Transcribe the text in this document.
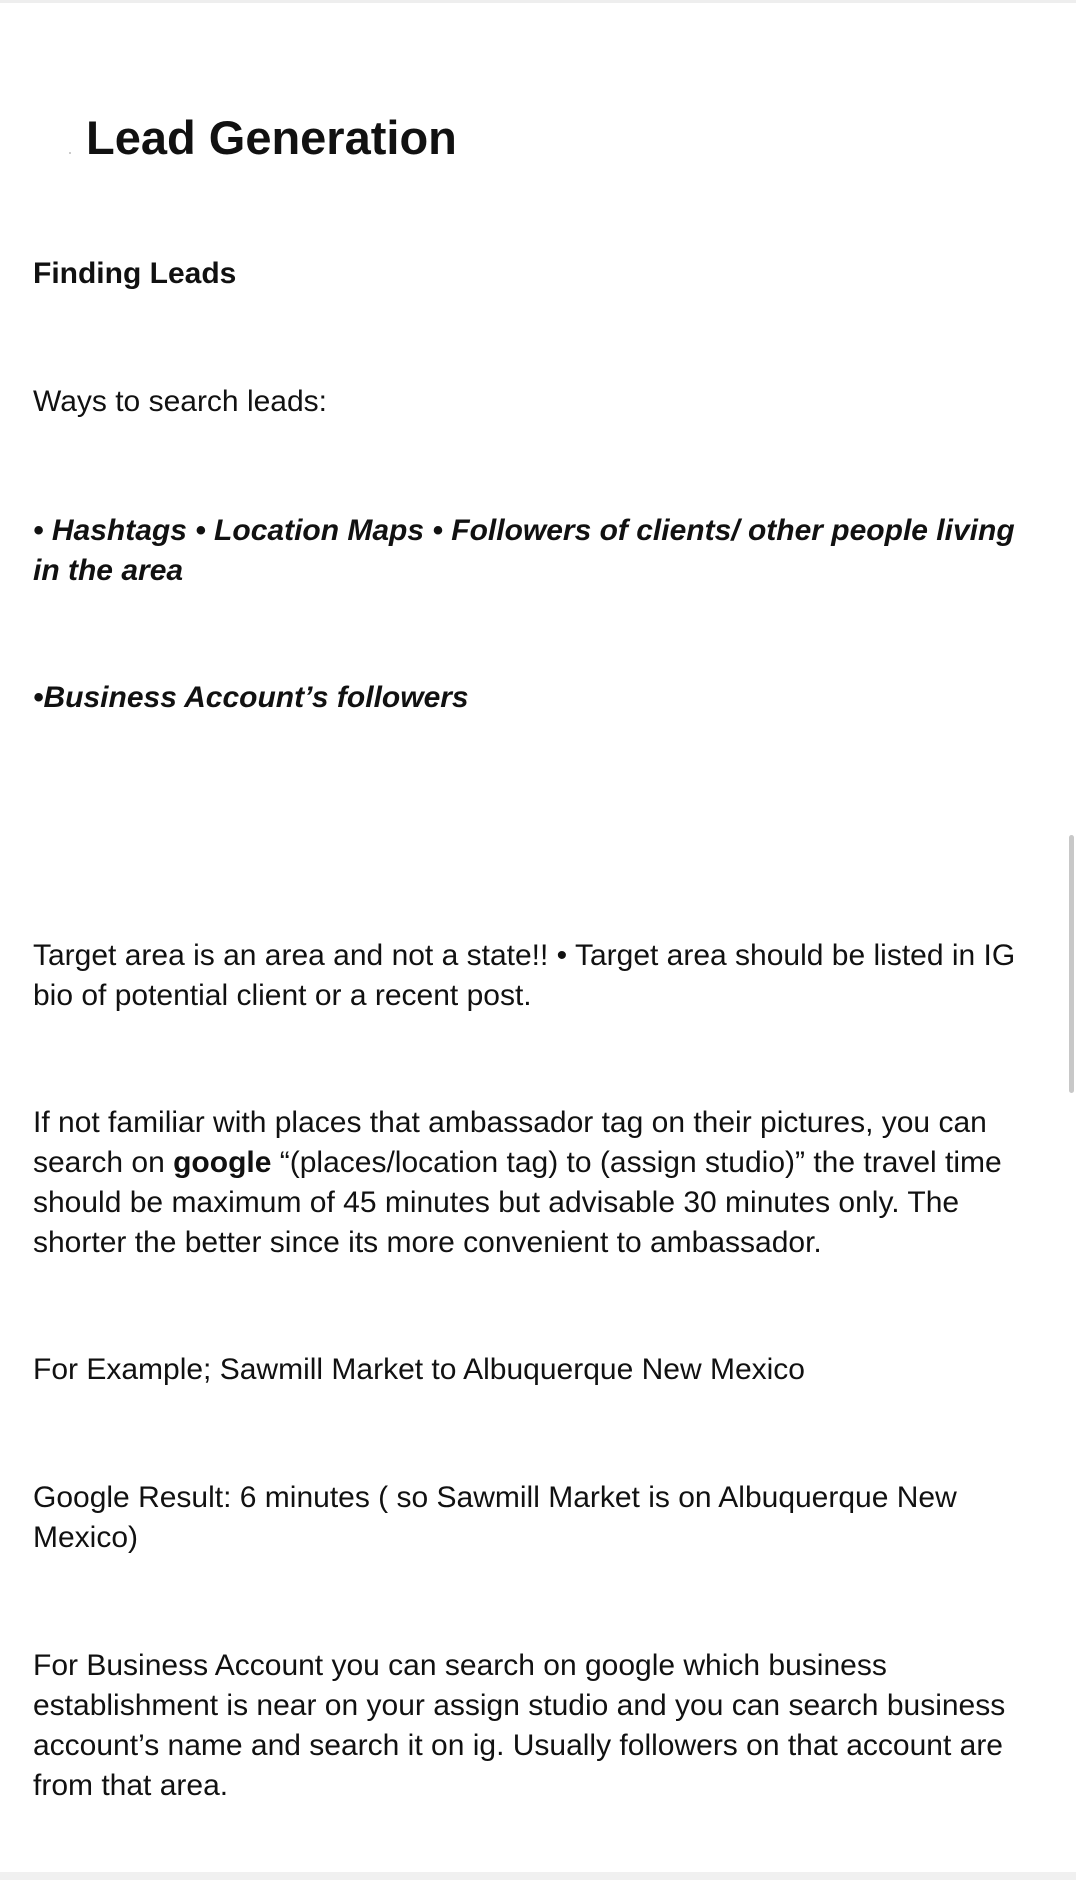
Lead Generation

Finding Leads

Ways to search leads:

• Hashtags • Location Maps • Followers of clients/ other people living in the area

•Business Account’s followers

Target area is an area and not a state!! • Target area should be listed in IG bio of potential client or a recent post.

If not familiar with places that ambassador tag on their pictures, you can search on google “(places/location tag) to (assign studio)” the travel time should be maximum of 45 minutes but advisable 30 minutes only. The shorter the better since its more convenient to ambassador.

For Example; Sawmill Market to Albuquerque New Mexico

Google Result: 6 minutes ( so Sawmill Market is on Albuquerque New Mexico)

For Business Account you can search on google which business establishment is near on your assign studio and you can search business account’s name and search it on ig. Usually followers on that account are from that area.
